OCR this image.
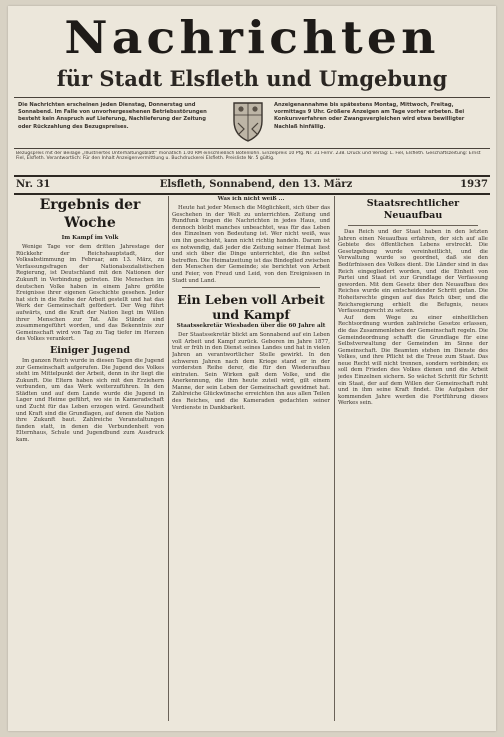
Nachrichten
für Stadt Elsfleth und Umgebung
Die Nachrichten erscheinen jeden Dienstag, Donnerstag und Sonnabend. Im Falle von unvorhergesehenen Betriebsstörungen besteht kein Anspruch auf Lieferung, Nachlieferung der Zeitung oder Rückzahlung des Bezugspreises.
Anzeigenannahme bis spätestens Montag, Mittwoch, Freitag, vormittags 9 Uhr. Größere Anzeigen am Tage vorher erbeten. Bei Konkursverfahren oder Zwangsvergleichen wird etwa bewilligter Nachlaß hinfällig.
Bezugspreis mit der Beilage „Illustriertes Unterhaltungsblatt“ monatlich 1.00 RM einschließlich Botenlohn. Einzelpreis 10 Pfg. Nr. 31 Fernr. 238. Druck und Verlag: L. Fiel, Elsfleth. Geschäftszeitung: Ernst Fiel, Elsfleth. Verantwortlich: Für den Inhalt Anzeigenvermittlung u. Buchdruckerei Elsfleth. Preisliste Nr. 5 gültig.
Nr. 31	Elsfleth, Sonnabend, den 13. März	1937
Ergebnis der Woche
Im Kampf im Volk

Wenige Tage vor dem dritten Jahrestage der Rückkehr der Reichshauptstadt, der Volksabstimmung im Februar, am 13. März, zu Verfassungsfragen der Nationalsozialistischen Regierung, ist Deutschland mit den Nationen der Zukunft in Verbindung getreten. Die Menschen im deutschen Volke haben in einem Jahre größte Ereignisse ihrer eigenen Geschichte gesehen. Jeder hat sich in die Reihe der Arbeit gestellt und hat das Werk der Gemeinschaft gefördert. Der Weg führt aufwärts, und die Kraft der Nation liegt im Willen ihrer Menschen zur Tat. Alle Stände sind zusammengeführt worden, und das Bekenntnis zur Gemeinschaft wird von Tag zu Tag tiefer im Herzen des Volkes verankert.

Einiger Jugend

Im ganzen Reich wurde in diesen Tagen die Jugend zur Gemeinschaft aufgerufen. Die Jugend des Volkes steht im Mittelpunkt der Arbeit, denn in ihr liegt die Zukunft. Die Eltern haben sich mit den Erziehern verbunden, um das Werk weiterzuführen. In den Städten und auf dem Lande wurde die Jugend in Lager und Heime geführt, wo sie in Kameradschaft und Zucht für das Leben erzogen wird. Gesundheit und Kraft sind die Grundlagen, auf denen die Nation ihre Zukunft baut. Zahlreiche Veranstaltungen fanden statt, in denen die Verbundenheit von Elternhaus, Schule und Jugendbund zum Ausdruck kam.

Was ich nicht weiß ...

Heute hat jeder Mensch die Möglichkeit, sich über das Geschehen in der Welt zu unterrichten. Zeitung und Rundfunk tragen die Nachrichten in jedes Haus, und dennoch bleibt manches unbeachtet, was für das Leben des Einzelnen von Bedeutung ist. Wer nicht weiß, was um ihn geschieht, kann nicht richtig handeln. Darum ist es notwendig, daß jeder die Zeitung seiner Heimat liest und sich über die Dinge unterrichtet, die ihn selbst betreffen. Die Heimatzeitung ist das Bindeglied zwischen den Menschen der Gemeinde; sie berichtet von Arbeit und Feier, von Freud und Leid, von den Ereignissen in Stadt und Land.

Ein Leben voll Arbeit und Kampf
Staatssekretär Wiesbaden über die 60 Jahre alt

Der Staatssekretär blickt am Sonnabend auf ein Leben voll Arbeit und Kampf zurück. Geboren im Jahre 1877, trat er früh in den Dienst seines Landes und hat in vielen Jahren an verantwortlicher Stelle gewirkt. In den schweren Jahren nach dem Kriege stand er in der vordersten Reihe derer, die für den Wiederaufbau eintraten. Sein Wirken galt dem Volke, und die Anerkennung, die ihm heute zuteil wird, gilt einem Manne, der sein Leben der Gemeinschaft gewidmet hat. Zahlreiche Glückwünsche erreichten ihn aus allen Teilen des Reiches, und die Kameraden gedachten seiner Verdienste in Dankbarkeit.

Staatsrechtlicher Neuaufbau

Das Reich und der Staat haben in den letzten Jahren einen Neuaufbau erfahren, der sich auf alle Gebiete des öffentlichen Lebens erstreckt. Die Gesetzgebung wurde vereinheitlicht, und die Verwaltung wurde so geordnet, daß sie den Bedürfnissen des Volkes dient. Die Länder sind in das Reich eingegliedert worden, und die Einheit von Partei und Staat ist zur Grundlage der Verfassung geworden. Mit dem Gesetz über den Neuaufbau des Reiches wurde ein entscheidender Schritt getan. Die Hoheitsrechte gingen auf das Reich über, und die Reichsregierung erhielt die Befugnis, neues Verfassungsrecht zu setzen.

Auf dem Wege zu einer einheitlichen Rechtsordnung wurden zahlreiche Gesetze erlassen, die das Zusammenleben der Gemeinschaft regeln. Die Gemeindeordnung schafft die Grundlage für eine Selbstverwaltung der Gemeinden im Sinne der Gemeinschaft. Die Beamten stehen im Dienste des Volkes, und ihre Pflicht ist die Treue zum Staat. Das neue Recht will nicht trennen, sondern verbinden; es soll dem Frieden des Volkes dienen und die Arbeit jedes Einzelnen sichern. So wächst Schritt für Schritt ein Staat, der auf dem Willen der Gemeinschaft ruht und in ihm seine Kraft findet. Die Aufgaben der kommenden Jahre werden die Fortführung dieses Werkes sein.
